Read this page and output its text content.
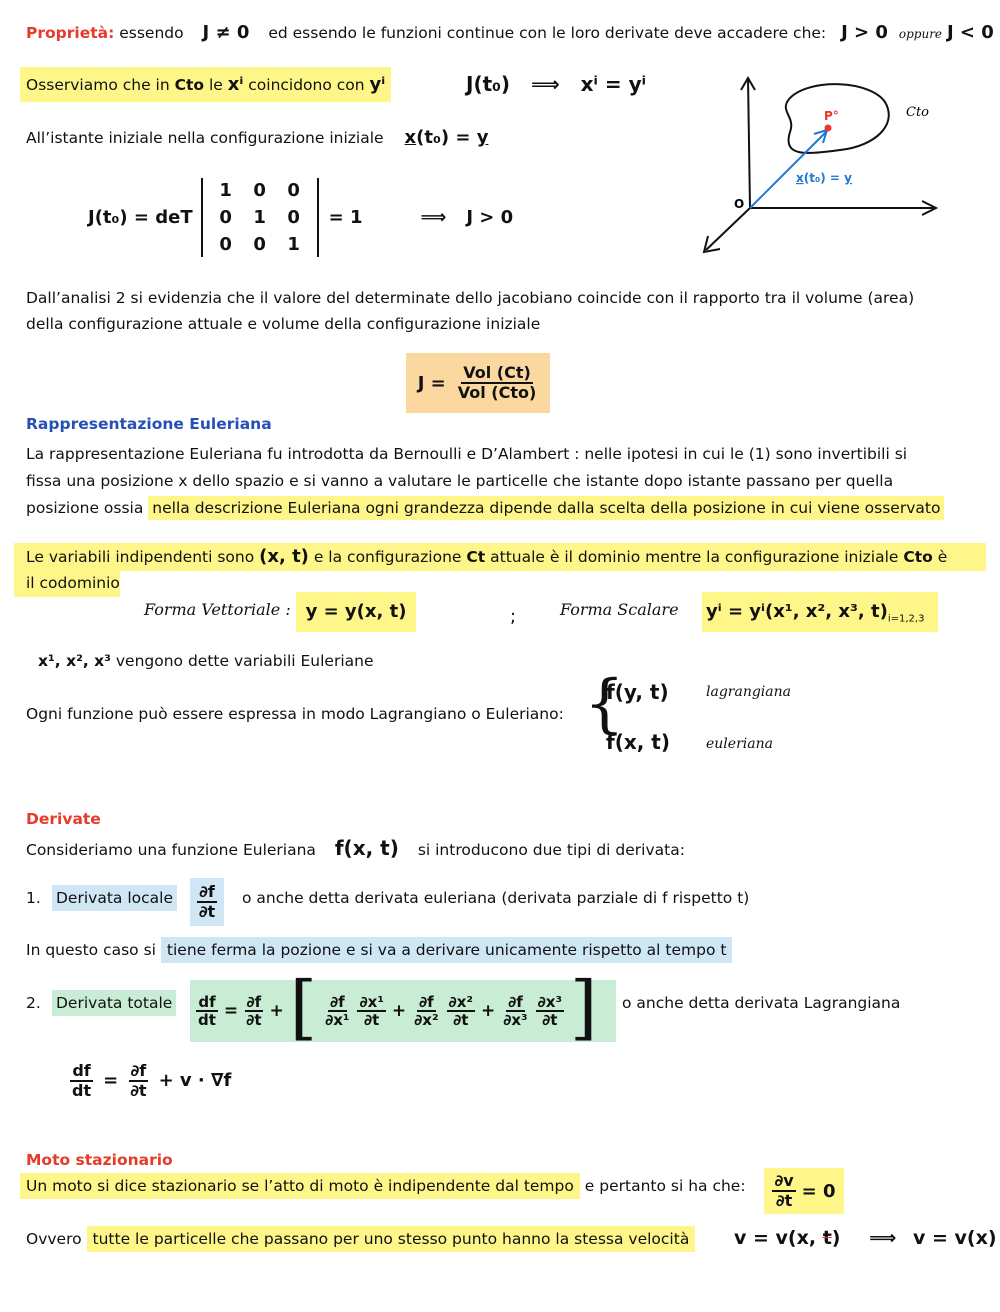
Proprietà: essendo J ≠ 0 ed essendo le funzioni continue con le loro derivate deve accadere che: J > 0 oppure J < 0
Osserviamo che in Cto le xⁱ coincidono con yⁱ	J(t₀) ⟹ xⁱ = yⁱ
All’istante iniziale nella configurazione iniziale x(t₀) = y
J(t₀) = deT
1	0	0
0	1	0
0	0	1
= 1	⟹ J > 0
O
P°	Cto
x(t₀) = y
Dall’analisi 2 si evidenzia che il valore del determinate dello jacobiano coincide con il rapporto tra il volume (area)
della configurazione attuale e volume della configurazione iniziale
$J = \frac{\text{Vol (Ct)}}{\text{Vol (Cto)}}$
Rappresentazione Euleriana
La rappresentazione Euleriana fu introdotta da Bernoulli e D’Alambert : nelle ipotesi in cui le (1) sono invertibili si
fissa una posizione x dello spazio e si vanno a valutare le particelle che istante dopo istante passano per quella
posizione ossia nella descrizione Euleriana ogni grandezza dipende dalla scelta della posizione in cui viene osservato
Le variabili indipendenti sono (x, t) e la configurazione Ct attuale è il dominio mentre la configurazione iniziale Cto è
il codominio
Forma Vettoriale : y = y(x, t)	;	Forma Scalare yⁱ = yⁱ(x¹, x², x³, $t)_{i=1,2,3}$
x¹, x², x³ vengono dette variabili Euleriane
Ogni funzione può essere espressa in modo Lagrangiano o Euleriano: {
f(y, t)	lagrangiana
f(x, t)	euleriana
Derivate
Consideriamo una funzione Euleriana f(x, t) si introducono due tipi di derivata:
1. Derivata locale $\frac{\partial f}{\partial t}$ o anche detta derivata euleriana (derivata parziale di f rispetto t)
In questo caso si tiene ferma la pozione e si va a derivare unicamente rispetto al tempo t
2. Derivata totale $\frac{df}{dt} = \frac{\partial f}{\partial t}$ + [ $\frac{\partial f}{\text{∂x¹}} \frac{\text{∂x¹}}{\partial t} + \frac{\partial f}{\text{∂x²}} \frac{\text{∂x²}}{\partial t} + \frac{\partial f}{\text{∂x³}} \frac{\text{∂x³}}{\partial t}$ ] o anche detta derivata Lagrangiana
$\frac{df}{dt} = \frac{\partial f}{\partial t} + v \cdot \nabla f$
Moto stazionario
Un moto si dice stazionario se l’atto di moto è indipendente dal tempo e pertanto si ha che: $\frac{\partial v}{\partial t} = 0$
Ovvero tutte le particelle che passano per uno stesso punto hanno la stessa velocità	v = v(x, t) ⟹ v = v(x)
